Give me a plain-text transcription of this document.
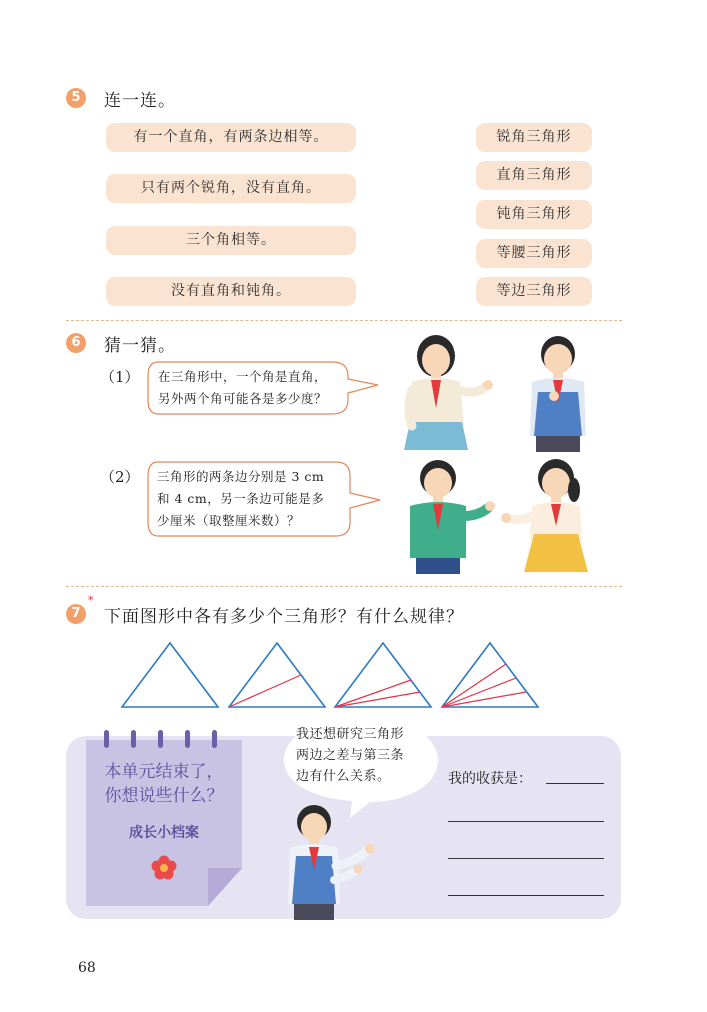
5	连一连。
有一个直角，有两条边相等。
只有两个锐角，没有直角。
三个角相等。
没有直角和钝角。
锐角三角形
直角三角形
钝角三角形
等腰三角形
等边三角形
6	猜一猜。
（1） 在三角形中，一个角是直角，
另外两个角可能各是多少度？
（2） 三角形的两条边分别是 3 cm
和 4 cm，另一条边可能是多
少厘米（取整厘米数）？
7
*
下面图形中各有多少个三角形？有什么规律？
本单元结束了，
你想说些什么？
成长小档案
我还想研究三角形
两边之差与第三条
边有什么关系。	我的收获是：
68
